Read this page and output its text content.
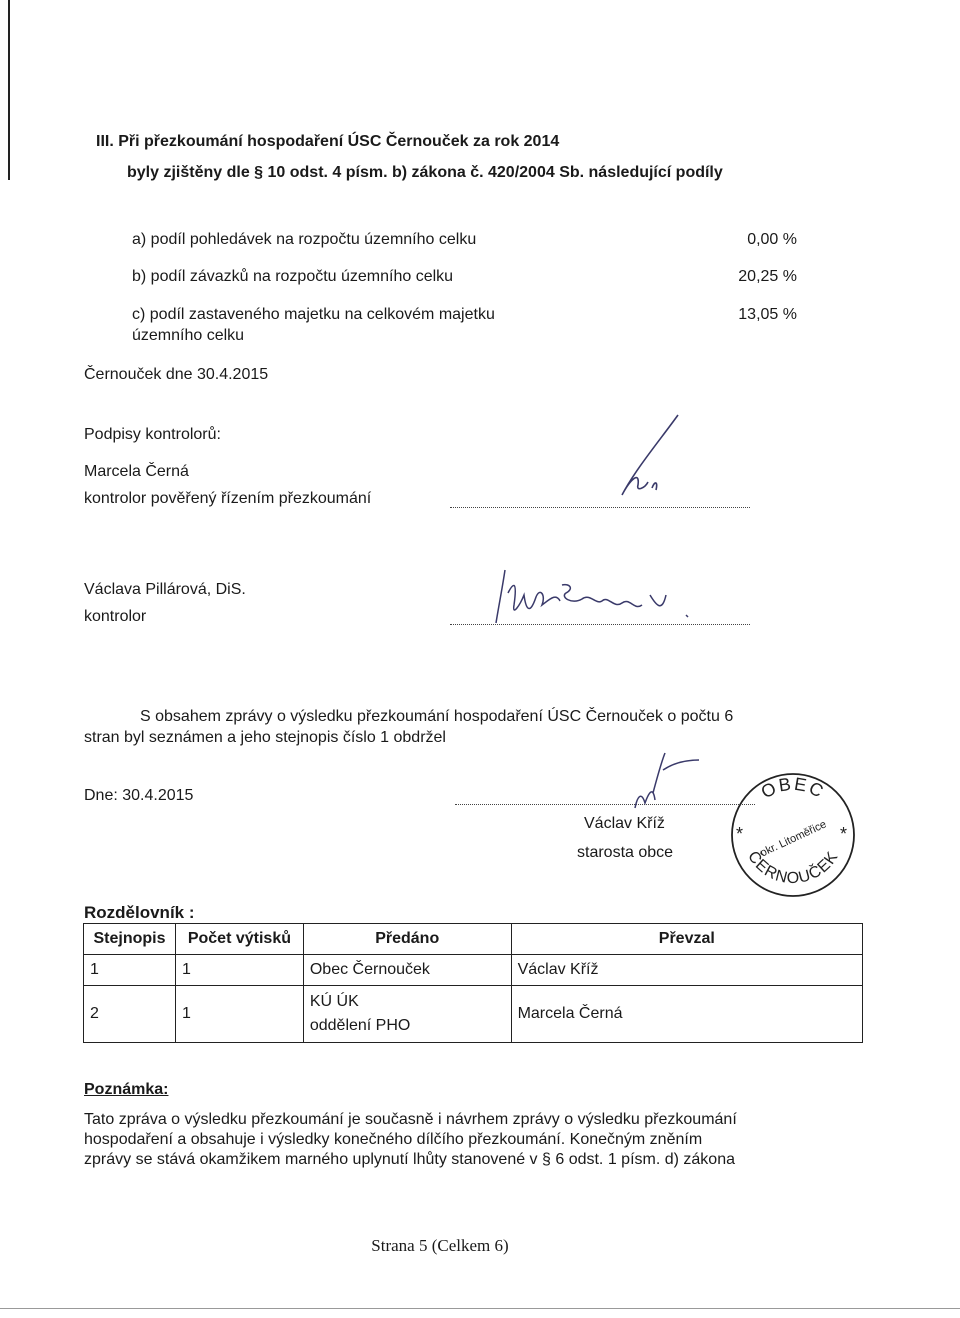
III. Při přezkoumání hospodaření ÚSC Černouček za rok 2014
byly zjištěny dle § 10 odst. 4 písm. b) zákona č. 420/2004 Sb. následující podíly
a) podíl pohledávek na rozpočtu územního celku	0,00 %
b) podíl závazků na rozpočtu územního celku	20,25 %
c) podíl zastaveného majetku na celkovém majetku
územního celku
13,05 %
Černouček dne 30.4.2015
Podpisy kontrolorů:
Marcela Černá
kontrolor pověřený řízením přezkoumání
Václava Pillárová, DiS.
kontrolor
S obsahem zprávy o výsledku přezkoumání hospodaření ÚSC Černouček o počtu 6
stran byl seznámen a jeho stejnopis číslo 1 obdržel
Dne: 30.4.2015
Václav Kříž
starosta obce
OBEC
ČERNOUČEK
okr. Litoměřice
*	*
Rozdělovník :
Stejnopis	Počet výtisků	Předáno	Převzal
1	1	Obec Černouček	Václav Kříž
2	1	KÚ ÚK
oddělení PHO	Marcela Černá
Poznámka:
Tato zpráva o výsledku přezkoumání je současně i návrhem zprávy o výsledku přezkoumání
hospodaření a obsahuje i výsledky konečného dílčího přezkoumání. Konečným zněním
zprávy se stává okamžikem marného uplynutí lhůty stanovené v § 6 odst. 1 písm. d) zákona
Strana 5 (Celkem 6)
